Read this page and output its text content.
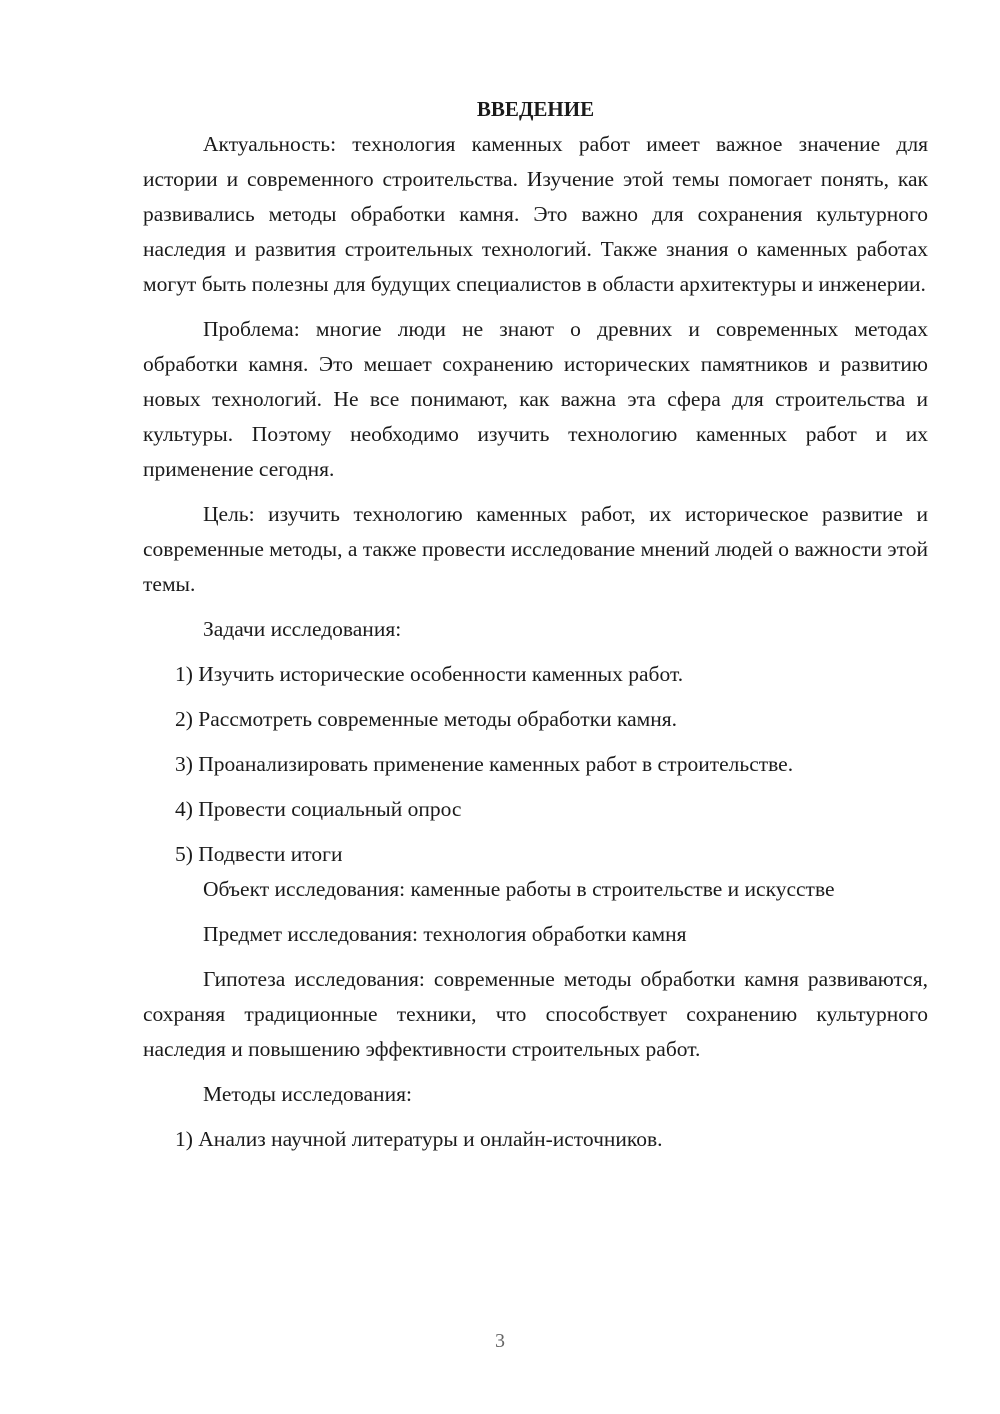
ВВЕДЕНИЕ

Актуальность: технология каменных работ имеет важное значение для истории и современного строительства. Изучение этой темы помогает понять, как развивались методы обработки камня. Это важно для сохранения культурного наследия и развития строительных технологий. Также знания о каменных работах могут быть полезны для будущих специалистов в области архитектуры и инженерии.

Проблема: многие люди не знают о древних и современных методах обработки камня. Это мешает сохранению исторических памятников и развитию новых технологий. Не все понимают, как важна эта сфера для строительства и культуры. Поэтому необходимо изучить технологию каменных работ и их применение сегодня.

Цель: изучить технологию каменных работ, их историческое развитие и современные методы, а также провести исследование мнений людей о важности этой темы.

Задачи исследования:

1) Изучить исторические особенности каменных работ.

2) Рассмотреть современные методы обработки камня.

3) Проанализировать применение каменных работ в строительстве.

4) Провести социальный опрос

5) Подвести итоги

Объект исследования: каменные работы в строительстве и искусстве

Предмет исследования: технология обработки камня

Гипотеза исследования: современные методы обработки камня развиваются, сохраняя традиционные техники, что способствует сохранению культурного наследия и повышению эффективности строительных работ.

Методы исследования:

1) Анализ научной литературы и онлайн-источников.

3
